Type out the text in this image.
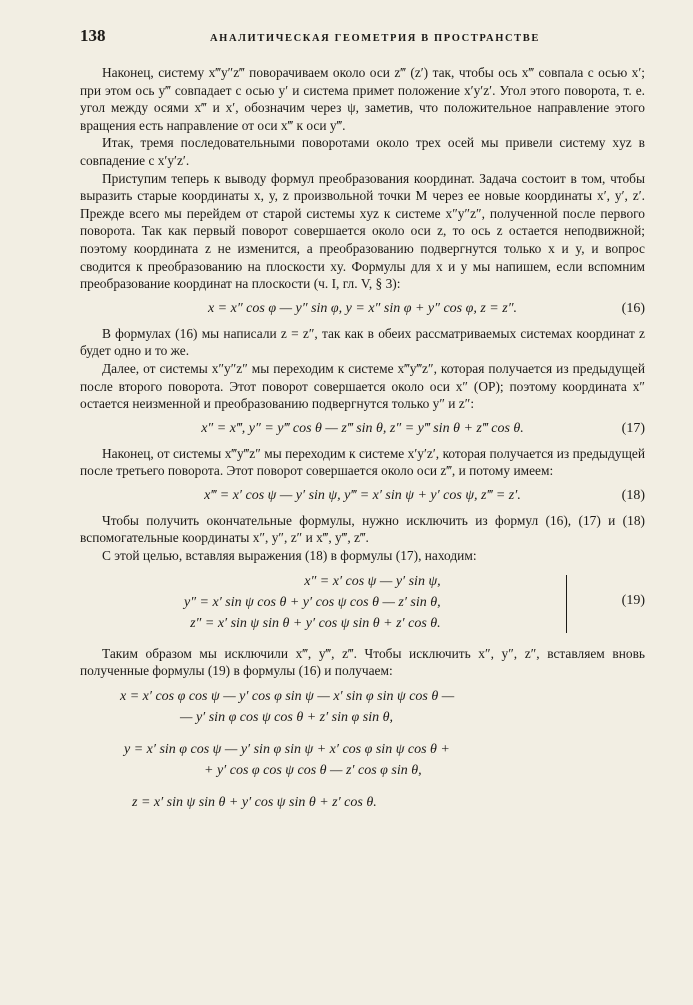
138	АНАЛИТИЧЕСКАЯ ГЕОМЕТРИЯ В ПРОСТРАНСТВЕ

Наконец, систему x‴y″z‴ поворачиваем около оси z‴ (z′) так, чтобы ось x‴ совпала с осью x′; при этом ось y‴ совпадает с осью y′ и система примет положение x′y′z′. Угол этого поворота, т. е. угол между осями x‴ и x′, обозначим через ψ, заметив, что положительное направление этого вращения есть направление от оси x‴ к оси y‴.

Итак, тремя последовательными поворотами около трех осей мы привели систему xyz в совпадение с x′y′z′.

Приступим теперь к выводу формул преобразования координат. Задача состоит в том, чтобы выразить старые координаты x, y, z произвольной точки M через ее новые координаты x′, y′, z′. Прежде всего мы перейдем от старой системы xyz к системе x″y″z″, полученной после первого поворота. Так как первый поворот совершается около оси z, то ось z остается неподвижной; поэтому координата z не изменится, а преобразованию подвергнутся только x и y, и вопрос сводится к преобразованию на плоскости xy. Формулы для x и y мы напишем, если вспомним преобразование координат на плоскости (ч. I, гл. V, § 3):

x = x″ cos φ — y″ sin φ, y = x″ sin φ + y″ cos φ, z = z″.	(16)

В формулах (16) мы написали z = z″, так как в обеих рассматриваемых системах координат z будет одно и то же.

Далее, от системы x″y″z″ мы переходим к системе x‴y‴z″, которая получается из предыдущей после второго поворота. Этот поворот совершается около оси x″ (OP); поэтому координата x″ остается неизменной и преобразованию подвергнутся только y″ и z″:

x″ = x‴, y″ = y‴ cos θ — z‴ sin θ, z″ = y‴ sin θ + z‴ cos θ.	(17)

Наконец, от системы x‴y‴z″ мы переходим к системе x′y′z′, которая получается из предыдущей после третьего поворота. Этот поворот совершается около оси z‴, и потому имеем:

x‴ = x′ cos ψ — y′ sin ψ, y‴ = x′ sin ψ + y′ cos ψ, z‴ = z′.	(18)

Чтобы получить окончательные формулы, нужно исключить из формул (16), (17) и (18) вспомогательные координаты x″, y″, z″ и x‴, y‴, z‴.

С этой целью, вставляя выражения (18) в формулы (17), находим:

x″ = x′ cos ψ — y′ sin ψ,
y″ = x′ sin ψ cos θ + y′ cos ψ cos θ — z′ sin θ,
z″ = x′ sin ψ sin θ + y′ cos ψ sin θ + z′ cos θ.
(19)

Таким образом мы исключили x‴, y‴, z‴. Чтобы исключить x″, y″, z″, вставляем вновь полученные формулы (19) в формулы (16) и получаем:

x = x′ cos φ cos ψ — y′ cos φ sin ψ — x′ sin φ sin ψ cos θ —
— y′ sin φ cos ψ cos θ + z′ sin φ sin θ,
y = x′ sin φ cos ψ — y′ sin φ sin ψ + x′ cos φ sin ψ cos θ +
+ y′ cos φ cos ψ cos θ — z′ cos φ sin θ,
z = x′ sin ψ sin θ + y′ cos ψ sin θ + z′ cos θ.
